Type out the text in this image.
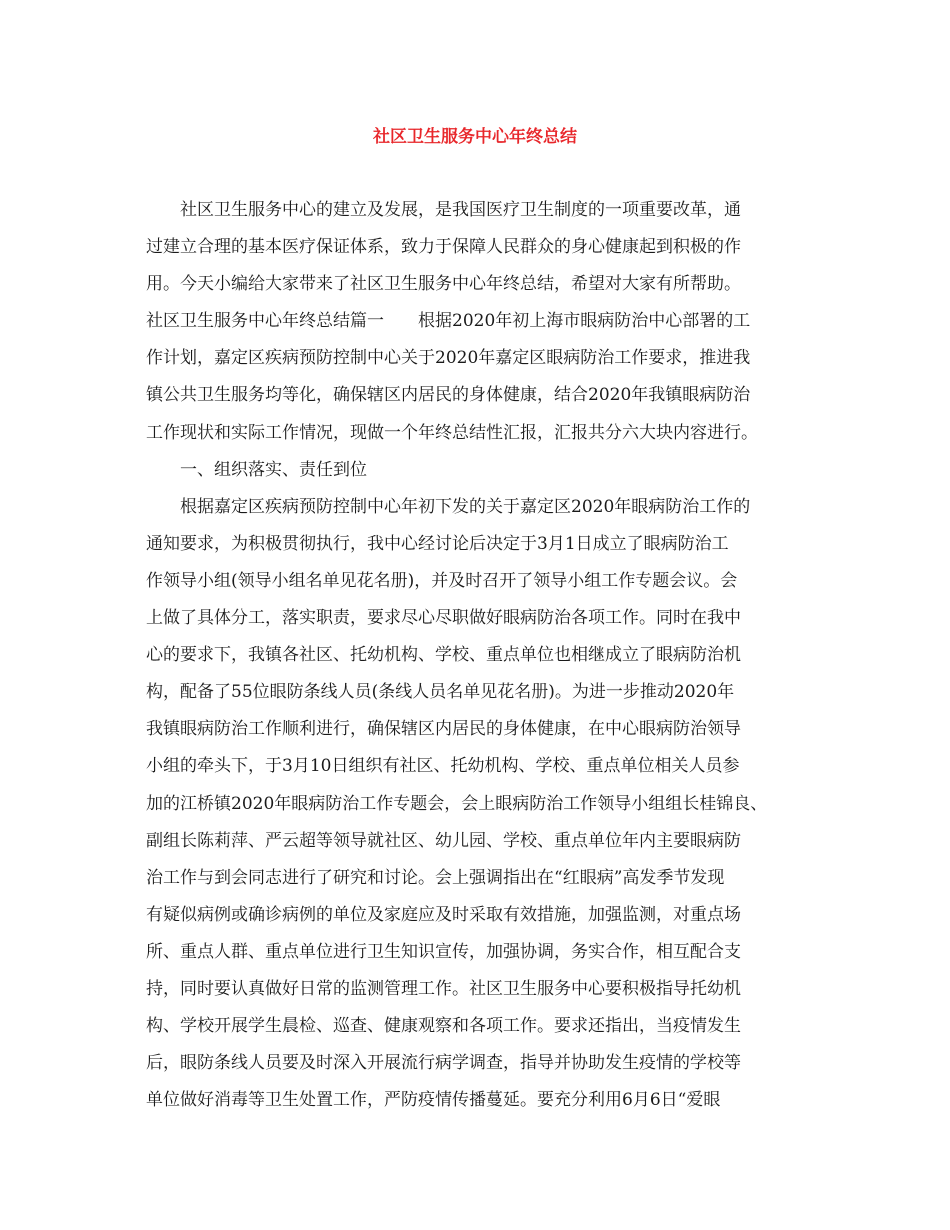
社区卫生服务中心年终总结

　　社区卫生服务中心的建立及发展，是我国医疗卫生制度的一项重要改革，通

过建立合理的基本医疗保证体系，致力于保障人民群众的身心健康起到积极的作

用。今天小编给大家带来了社区卫生服务中心年终总结，希望对大家有所帮助。

社区卫生服务中心年终总结篇一　　根据2020年初上海市眼病防治中心部署的工

作计划，嘉定区疾病预防控制中心关于2020年嘉定区眼病防治工作要求，推进我

镇公共卫生服务均等化，确保辖区内居民的身体健康，结合2020年我镇眼病防治

工作现状和实际工作情况，现做一个年终总结性汇报，汇报共分六大块内容进行。

　　一、组织落实、责任到位

　　根据嘉定区疾病预防控制中心年初下发的关于嘉定区2020年眼病防治工作的

通知要求，为积极贯彻执行，我中心经讨论后决定于3月1日成立了眼病防治工

作领导小组(领导小组名单见花名册)，并及时召开了领导小组工作专题会议。会

上做了具体分工，落实职责，要求尽心尽职做好眼病防治各项工作。同时在我中

心的要求下，我镇各社区、托幼机构、学校、重点单位也相继成立了眼病防治机

构，配备了55位眼防条线人员(条线人员名单见花名册)。为进一步推动2020年

我镇眼病防治工作顺利进行，确保辖区内居民的身体健康，在中心眼病防治领导

小组的牵头下，于3月10日组织有社区、托幼机构、学校、重点单位相关人员参

加的江桥镇2020年眼病防治工作专题会，会上眼病防治工作领导小组组长桂锦良、

副组长陈莉萍、严云超等领导就社区、幼儿园、学校、重点单位年内主要眼病防

治工作与到会同志进行了研究和讨论。会上强调指出在“红眼病”高发季节发现

有疑似病例或确诊病例的单位及家庭应及时采取有效措施，加强监测，对重点场

所、重点人群、重点单位进行卫生知识宣传，加强协调，务实合作，相互配合支

持，同时要认真做好日常的监测管理工作。社区卫生服务中心要积极指导托幼机

构、学校开展学生晨检、巡查、健康观察和各项工作。要求还指出，当疫情发生

后，眼防条线人员要及时深入开展流行病学调查，指导并协助发生疫情的学校等

单位做好消毒等卫生处置工作，严防疫情传播蔓延。要充分利用6月6日“爱眼
